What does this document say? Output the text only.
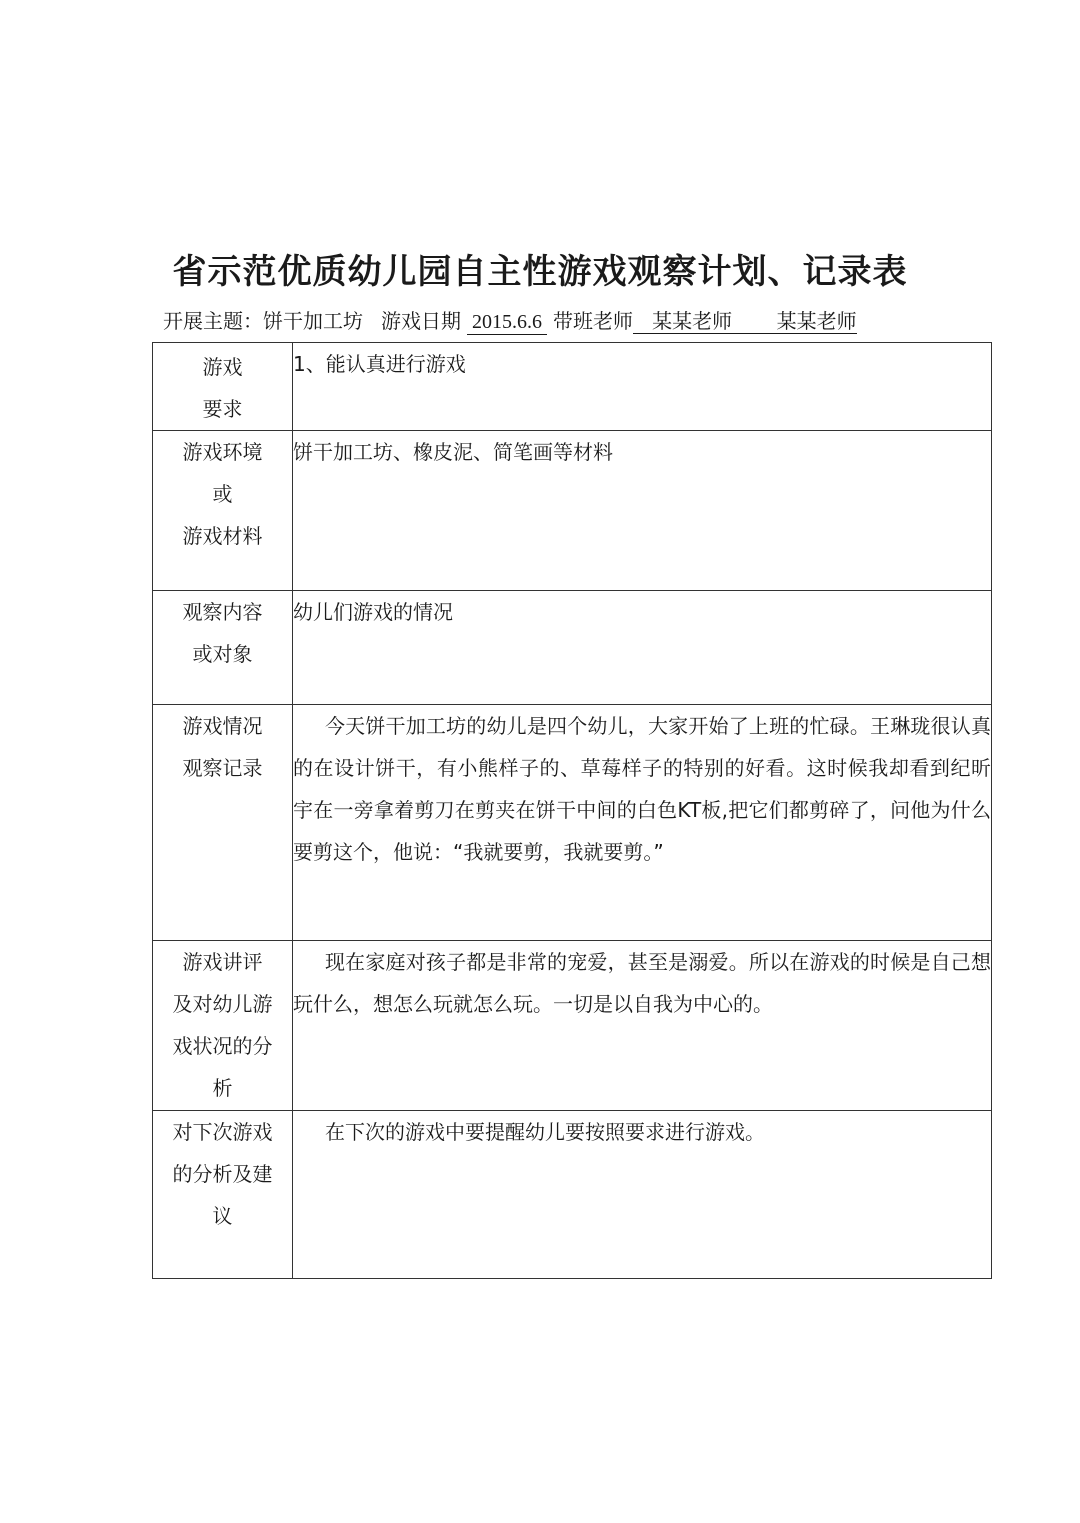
省示范优质幼儿园自主性游戏观察计划、记录表
开展主题：饼干加工坊 游戏日期 2015.6.6 带班老师 某某老师 某某老师
游戏
要求	1、能认真进行游戏

游戏环境
或
游戏材料	饼干加工坊、橡皮泥、简笔画等材料

观察内容
或对象	幼儿们游戏的情况

游戏情况
观察记录	今天饼干加工坊的幼儿是四个幼儿，大家开始了上班的忙碌。王琳珑很认真的在设计饼干，有小熊样子的、草莓样子的特别的好看。这时候我却看到纪昕宇在一旁拿着剪刀在剪夹在饼干中间的白色KT板,把它们都剪碎了，问他为什么要剪这个，他说：“我就要剪，我就要剪。”

游戏讲评
及对幼儿游
戏状况的分
析	现在家庭对孩子都是非常的宠爱，甚至是溺爱。所以在游戏的时候是自己想玩什么，想怎么玩就怎么玩。一切是以自我为中心的。

对下次游戏
的分析及建
议	在下次的游戏中要提醒幼儿要按照要求进行游戏。
